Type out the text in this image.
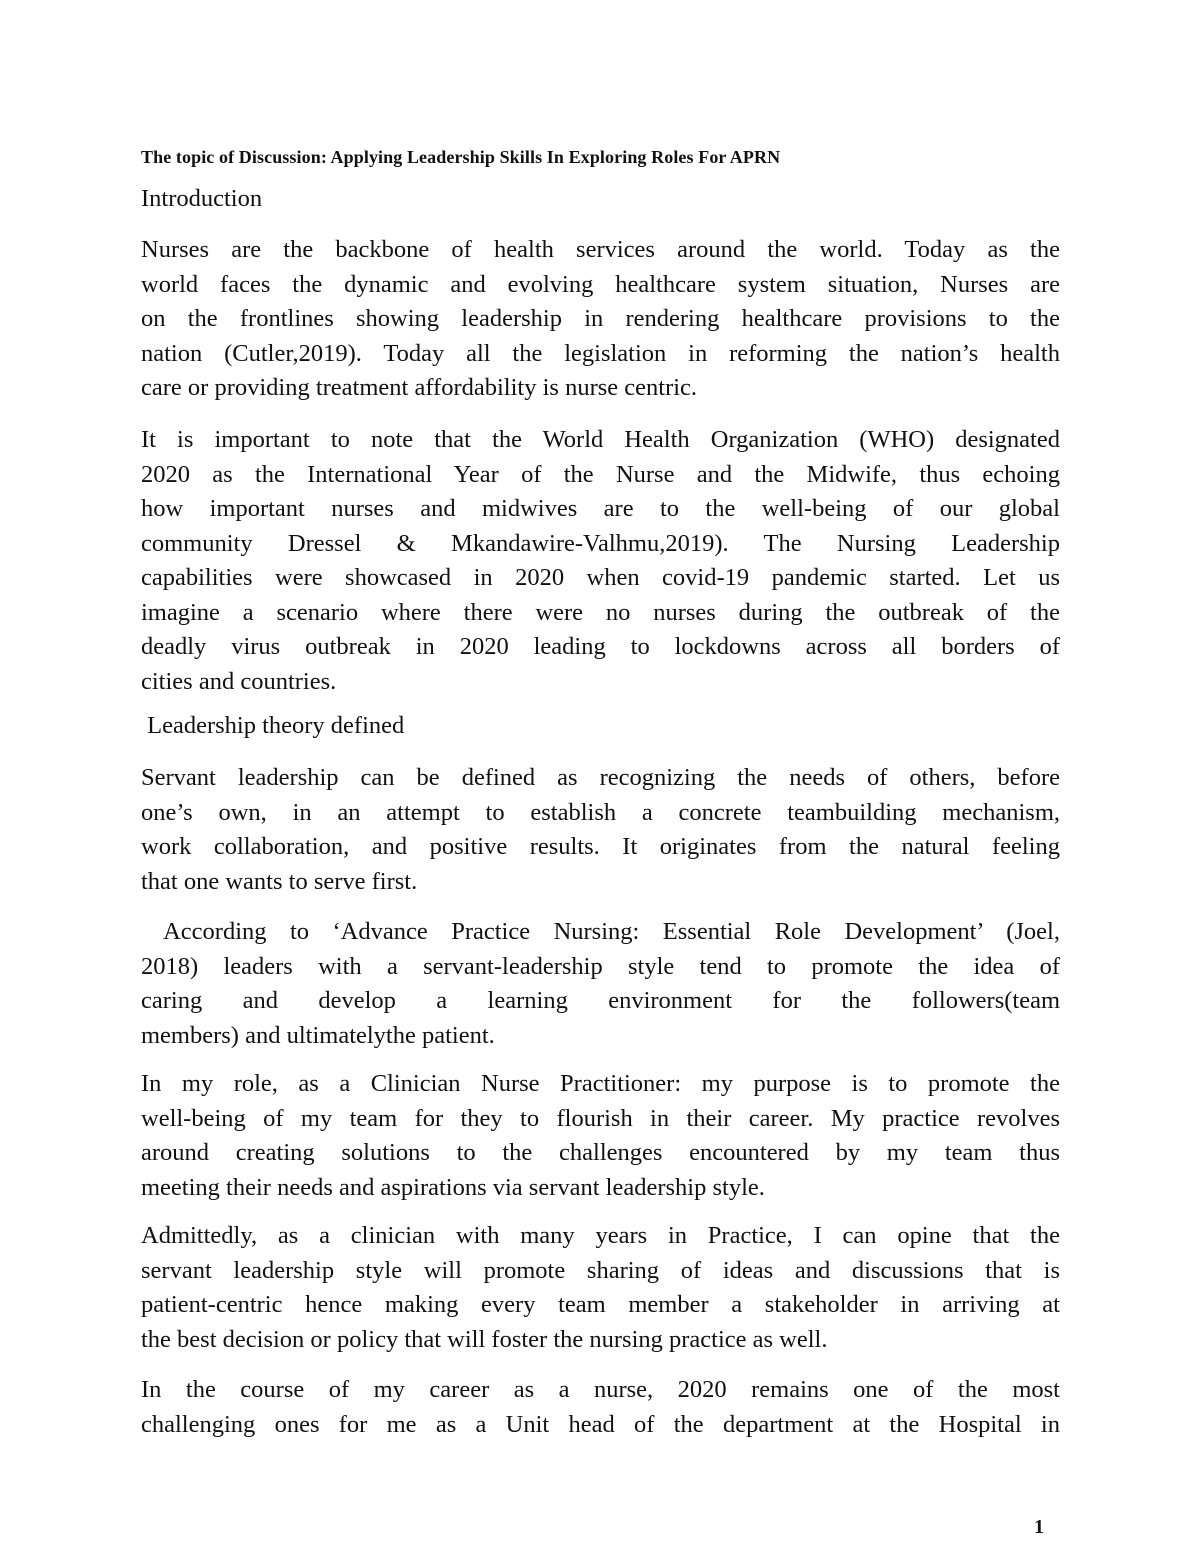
The topic of Discussion: Applying Leadership Skills In Exploring Roles For APRN
Introduction
Nurses are the backbone of health services around the world. Today as the
world faces the dynamic and evolving healthcare system situation, Nurses are
on the frontlines showing leadership in rendering healthcare provisions to the
nation (Cutler,2019). Today all the legislation in reforming the nation’s health
care or providing treatment affordability is nurse centric.
It is important to note that the World Health Organization (WHO) designated
2020 as the International Year of the Nurse and the Midwife, thus echoing
how important nurses and midwives are to the well-being of our global
community Dressel & Mkandawire-Valhmu,2019). The Nursing Leadership
capabilities were showcased in 2020 when covid-19 pandemic started. Let us
imagine a scenario where there were no nurses during the outbreak of the
deadly virus outbreak in 2020 leading to lockdowns across all borders of
cities and countries.
Leadership theory defined
Servant leadership can be defined as recognizing the needs of others, before
one’s own, in an attempt to establish a concrete teambuilding mechanism,
work collaboration, and positive results. It originates from the natural feeling
that one wants to serve first.
According to ‘Advance Practice Nursing: Essential Role Development’ (Joel,
2018) leaders with a servant-leadership style tend to promote the idea of
caring and develop a learning environment for the followers(team
members) and ultimatelythe patient.
In my role, as a Clinician Nurse Practitioner: my purpose is to promote the
well-being of my team for they to flourish in their career. My practice revolves
around creating solutions to the challenges encountered by my team thus
meeting their needs and aspirations via servant leadership style.
Admittedly, as a clinician with many years in Practice, I can opine that the
servant leadership style will promote sharing of ideas and discussions that is
patient-centric hence making every team member a stakeholder in arriving at
the best decision or policy that will foster the nursing practice as well.
In the course of my career as a nurse, 2020 remains one of the most
challenging ones for me as a Unit head of the department at the Hospital in
1
